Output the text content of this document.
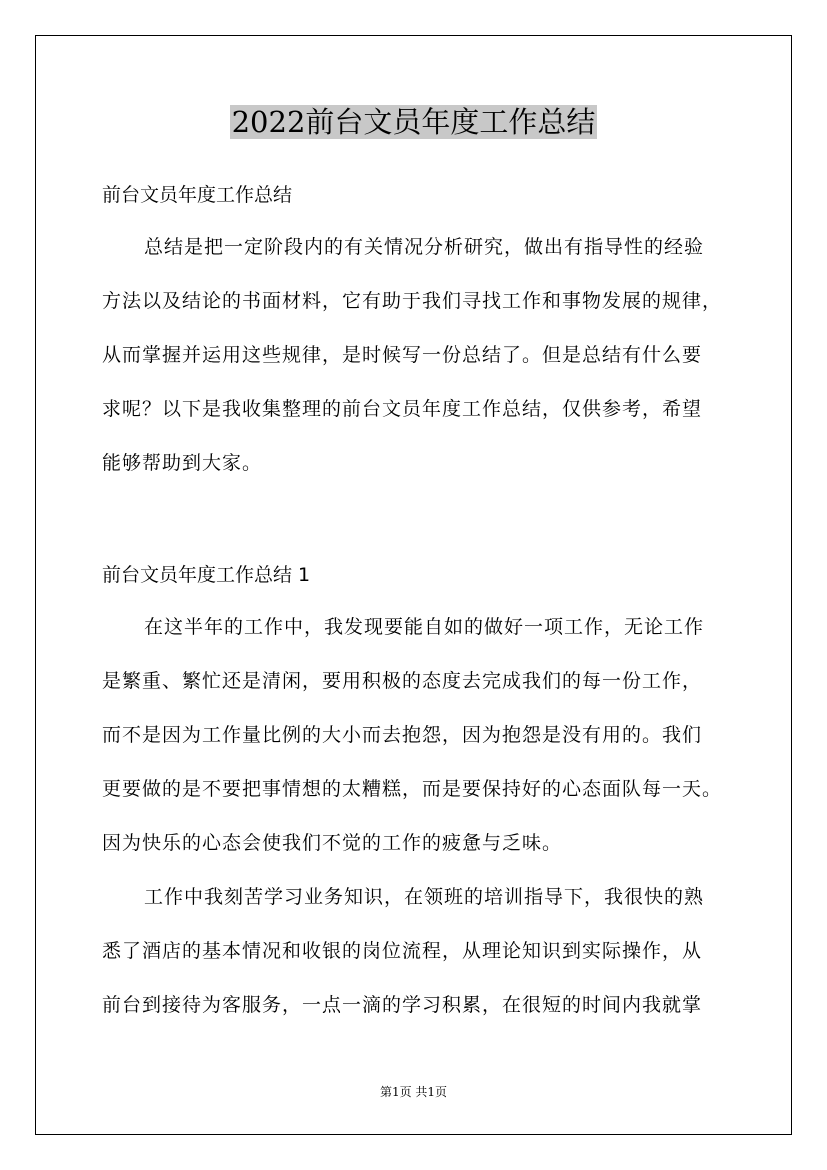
2022前台文员年度工作总结
前台文员年度工作总结
总结是把一定阶段内的有关情况分析研究，做出有指导性的经验
方法以及结论的书面材料，它有助于我们寻找工作和事物发展的规律，
从而掌握并运用这些规律，是时候写一份总结了。但是总结有什么要
求呢？以下是我收集整理的前台文员年度工作总结，仅供参考，希望
能够帮助到大家。
前台文员年度工作总结 1
在这半年的工作中，我发现要能自如的做好一项工作，无论工作
是繁重、繁忙还是清闲，要用积极的态度去完成我们的每一份工作，
而不是因为工作量比例的大小而去抱怨，因为抱怨是没有用的。我们
更要做的是不要把事情想的太糟糕，而是要保持好的心态面队每一天。
因为快乐的心态会使我们不觉的工作的疲惫与乏味。
工作中我刻苦学习业务知识，在领班的培训指导下，我很快的熟
悉了酒店的基本情况和收银的岗位流程，从理论知识到实际操作，从
前台到接待为客服务，一点一滴的学习积累，在很短的时间内我就掌
第1页 共1页
